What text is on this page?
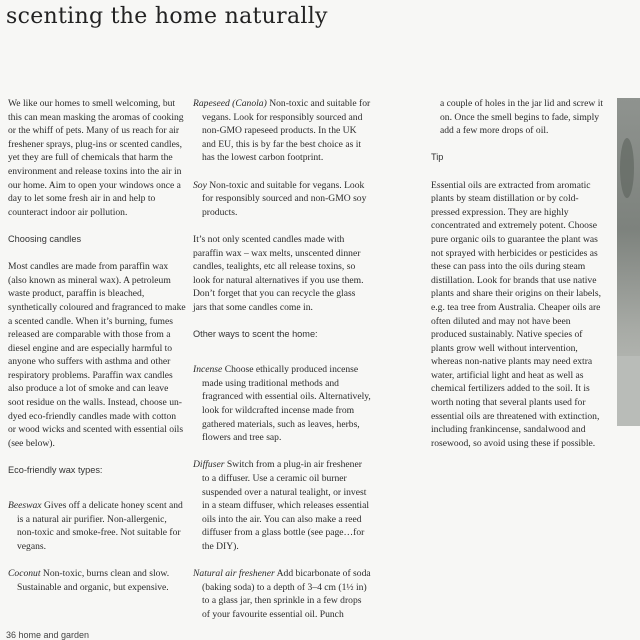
scenting the home naturally

We like our homes to smell welcoming, but this can mean masking the aromas of cooking or the whiff of pets. Many of us reach for air freshener sprays, plug-ins or scented candles, yet they are full of chemicals that harm the environment and release toxins into the air in our home. Aim to open your windows once a day to let some fresh air in and help to counteract indoor air pollution.

Choosing candles

Most candles are made from paraffin wax (also known as mineral wax). A petroleum waste product, paraffin is bleached, synthetically coloured and fragranced to make a scented candle. When it’s burning, fumes released are comparable with those from a diesel engine and are especially harmful to anyone who suffers with asthma and other respiratory problems. Paraffin wax candles also produce a lot of smoke and can leave soot residue on the walls. Instead, choose un-dyed eco-friendly candles made with cotton or wood wicks and scented with essential oils (see below).

Eco-friendly wax types:

Beeswax Gives off a delicate honey scent and is a natural air purifier. Non-allergenic, non-toxic and smoke-free. Not suitable for vegans.

Coconut Non-toxic, burns clean and slow. Sustainable and organic, but expensive.

Rapeseed (Canola) Non-toxic and suitable for vegans. Look for responsibly sourced and non-GMO rapeseed products. In the UK and EU, this is by far the best choice as it has the lowest carbon footprint.

Soy Non-toxic and suitable for vegans. Look for responsibly sourced and non-GMO soy products.

It’s not only scented candles made with paraffin wax – wax melts, unscented dinner candles, tealights, etc all release toxins, so look for natural alternatives if you use them. Don’t forget that you can recycle the glass jars that some candles come in.

Other ways to scent the home:

Incense Choose ethically produced incense made using traditional methods and fragranced with essential oils. Alternatively, look for wildcrafted incense made from gathered materials, such as leaves, herbs, flowers and tree sap.

Diffuser Switch from a plug-in air freshener to a diffuser. Use a ceramic oil burner suspended over a natural tealight, or invest in a steam diffuser, which releases essential oils into the air. You can also make a reed diffuser from a glass bottle (see page…for the DIY).

Natural air freshener Add bicarbonate of soda (baking soda) to a depth of 3–4 cm (1½ in) to a glass jar, then sprinkle in a few drops of your favourite essential oil. Punch

a couple of holes in the jar lid and screw it on. Once the smell begins to fade, simply add a few more drops of oil.

Tip

Essential oils are extracted from aromatic plants by steam distillation or by cold-pressed expression. They are highly concentrated and extremely potent. Choose pure organic oils to guarantee the plant was not sprayed with herbicides or pesticides as these can pass into the oils during steam distillation. Look for brands that use native plants and share their origins on their labels, e.g. tea tree from Australia. Cheaper oils are often diluted and may not have been produced sustainably. Native species of plants grow well without intervention, whereas non-native plants may need extra water, artificial light and heat as well as chemical fertilizers added to the soil. It is worth noting that several plants used for essential oils are threatened with extinction, including frankincense, sandalwood and rosewood, so avoid using these if possible.

36 home and garden
